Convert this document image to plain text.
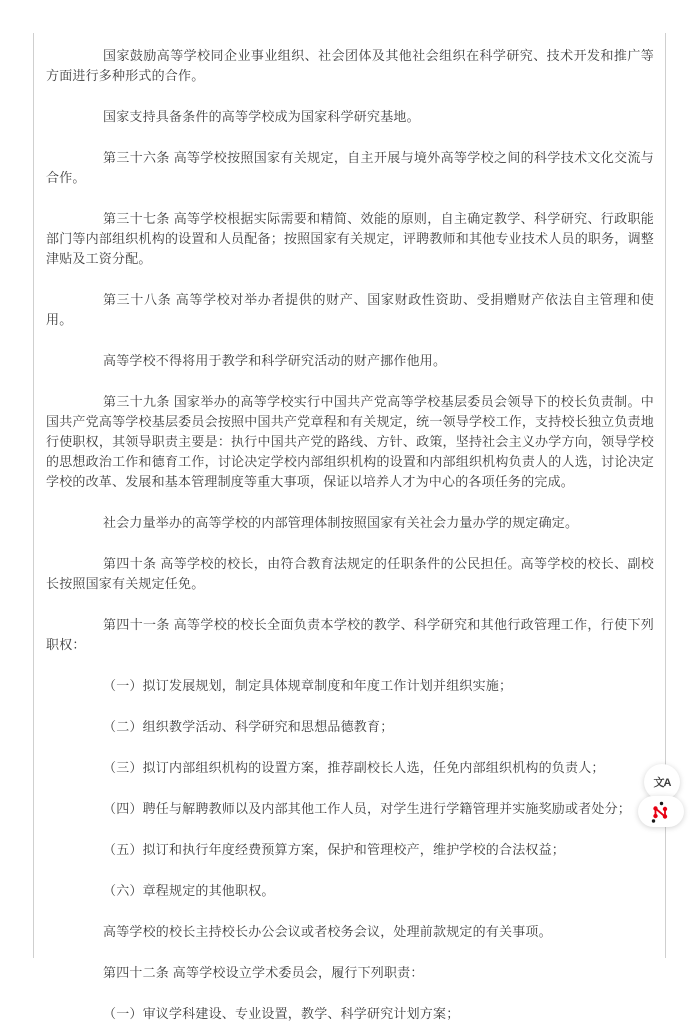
国家鼓励高等学校同企业事业组织、社会团体及其他社会组织在科学研究、技术开发和推广等方面进行多种形式的合作。

国家支持具备条件的高等学校成为国家科学研究基地。

第三十六条 高等学校按照国家有关规定，自主开展与境外高等学校之间的科学技术文化交流与合作。

第三十七条 高等学校根据实际需要和精简、效能的原则，自主确定教学、科学研究、行政职能部门等内部组织机构的设置和人员配备；按照国家有关规定，评聘教师和其他专业技术人员的职务，调整津贴及工资分配。

第三十八条 高等学校对举办者提供的财产、国家财政性资助、受捐赠财产依法自主管理和使用。

高等学校不得将用于教学和科学研究活动的财产挪作他用。

第三十九条 国家举办的高等学校实行中国共产党高等学校基层委员会领导下的校长负责制。中国共产党高等学校基层委员会按照中国共产党章程和有关规定，统一领导学校工作，支持校长独立负责地行使职权，其领导职责主要是：执行中国共产党的路线、方针、政策，坚持社会主义办学方向，领导学校的思想政治工作和德育工作，讨论决定学校内部组织机构的设置和内部组织机构负责人的人选，讨论决定学校的改革、发展和基本管理制度等重大事项，保证以培养人才为中心的各项任务的完成。

社会力量举办的高等学校的内部管理体制按照国家有关社会力量办学的规定确定。

第四十条 高等学校的校长，由符合教育法规定的任职条件的公民担任。高等学校的校长、副校长按照国家有关规定任免。

第四十一条 高等学校的校长全面负责本学校的教学、科学研究和其他行政管理工作，行使下列职权：

（一）拟订发展规划，制定具体规章制度和年度工作计划并组织实施；

（二）组织教学活动、科学研究和思想品德教育；

（三）拟订内部组织机构的设置方案，推荐副校长人选，任免内部组织机构的负责人；

（四）聘任与解聘教师以及内部其他工作人员，对学生进行学籍管理并实施奖励或者处分；

（五）拟订和执行年度经费预算方案，保护和管理校产，维护学校的合法权益；

（六）章程规定的其他职权。

高等学校的校长主持校长办公会议或者校务会议，处理前款规定的有关事项。

第四十二条 高等学校设立学术委员会，履行下列职责：

（一）审议学科建设、专业设置，教学、科学研究计划方案；

文A
